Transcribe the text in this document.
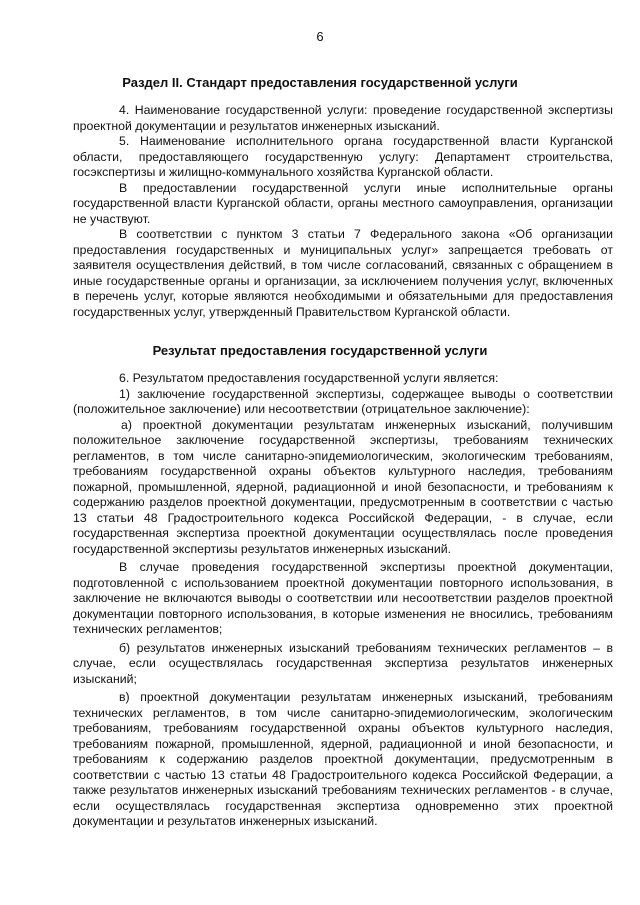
6
Раздел II. Стандарт предоставления государственной услуги

4. Наименование государственной услуги: проведение государственной экспертизы проектной документации и результатов инженерных изысканий.

5. Наименование исполнительного органа государственной власти Курганской области, предоставляющего государственную услугу: Департамент строительства, госэкспертизы и жилищно-коммунального хозяйства Курганской области.

В предоставлении государственной услуги иные исполнительные органы государственной власти Курганской области, органы местного самоуправления, организации не участвуют.

В соответствии с пунктом 3 статьи 7 Федерального закона «Об организации предоставления государственных и муниципальных услуг» запрещается требовать от заявителя осуществления действий, в том числе согласований, связанных с обращением в иные государственные органы и организации, за исключением получения услуг, включенных в перечень услуг, которые являются необходимыми и обязательными для предоставления государственных услуг, утвержденный Правительством Курганской области.

Результат предоставления государственной услуги

6. Результатом предоставления государственной услуги является:

1) заключение государственной экспертизы, содержащее выводы о соответствии (положительное заключение) или несоответствии (отрицательное заключение):

а) проектной документации результатам инженерных изысканий, получившим положительное заключение государственной экспертизы, требованиям технических регламентов, в том числе санитарно-эпидемиологическим, экологическим требованиям, требованиям государственной охраны объектов культурного наследия, требованиям пожарной, промышленной, ядерной, радиационной и иной безопасности, и требованиям к содержанию разделов проектной документации, предусмотренным в соответствии с частью 13 статьи 48 Градостроительного кодекса Российской Федерации, - в случае, если государственная экспертиза проектной документации осуществлялась после проведения государственной экспертизы результатов инженерных изысканий.

В случае проведения государственной экспертизы проектной документации, подготовленной с использованием проектной документации повторного использования, в заключение не включаются выводы о соответствии или несоответствии разделов проектной документации повторного использования, в которые изменения не вносились, требованиям технических регламентов;

б) результатов инженерных изысканий требованиям технических регламентов – в случае, если осуществлялась государственная экспертиза результатов инженерных изысканий;

в) проектной документации результатам инженерных изысканий, требованиям технических регламентов, в том числе санитарно-эпидемиологическим, экологическим требованиям, требованиям государственной охраны объектов культурного наследия, требованиям пожарной, промышленной, ядерной, радиационной и иной безопасности, и требованиям к содержанию разделов проектной документации, предусмотренным в соответствии с частью 13 статьи 48 Градостроительного кодекса Российской Федерации, а также результатов инженерных изысканий требованиям технических регламентов - в случае, если осуществлялась государственная экспертиза одновременно этих проектной документации и результатов инженерных изысканий.
